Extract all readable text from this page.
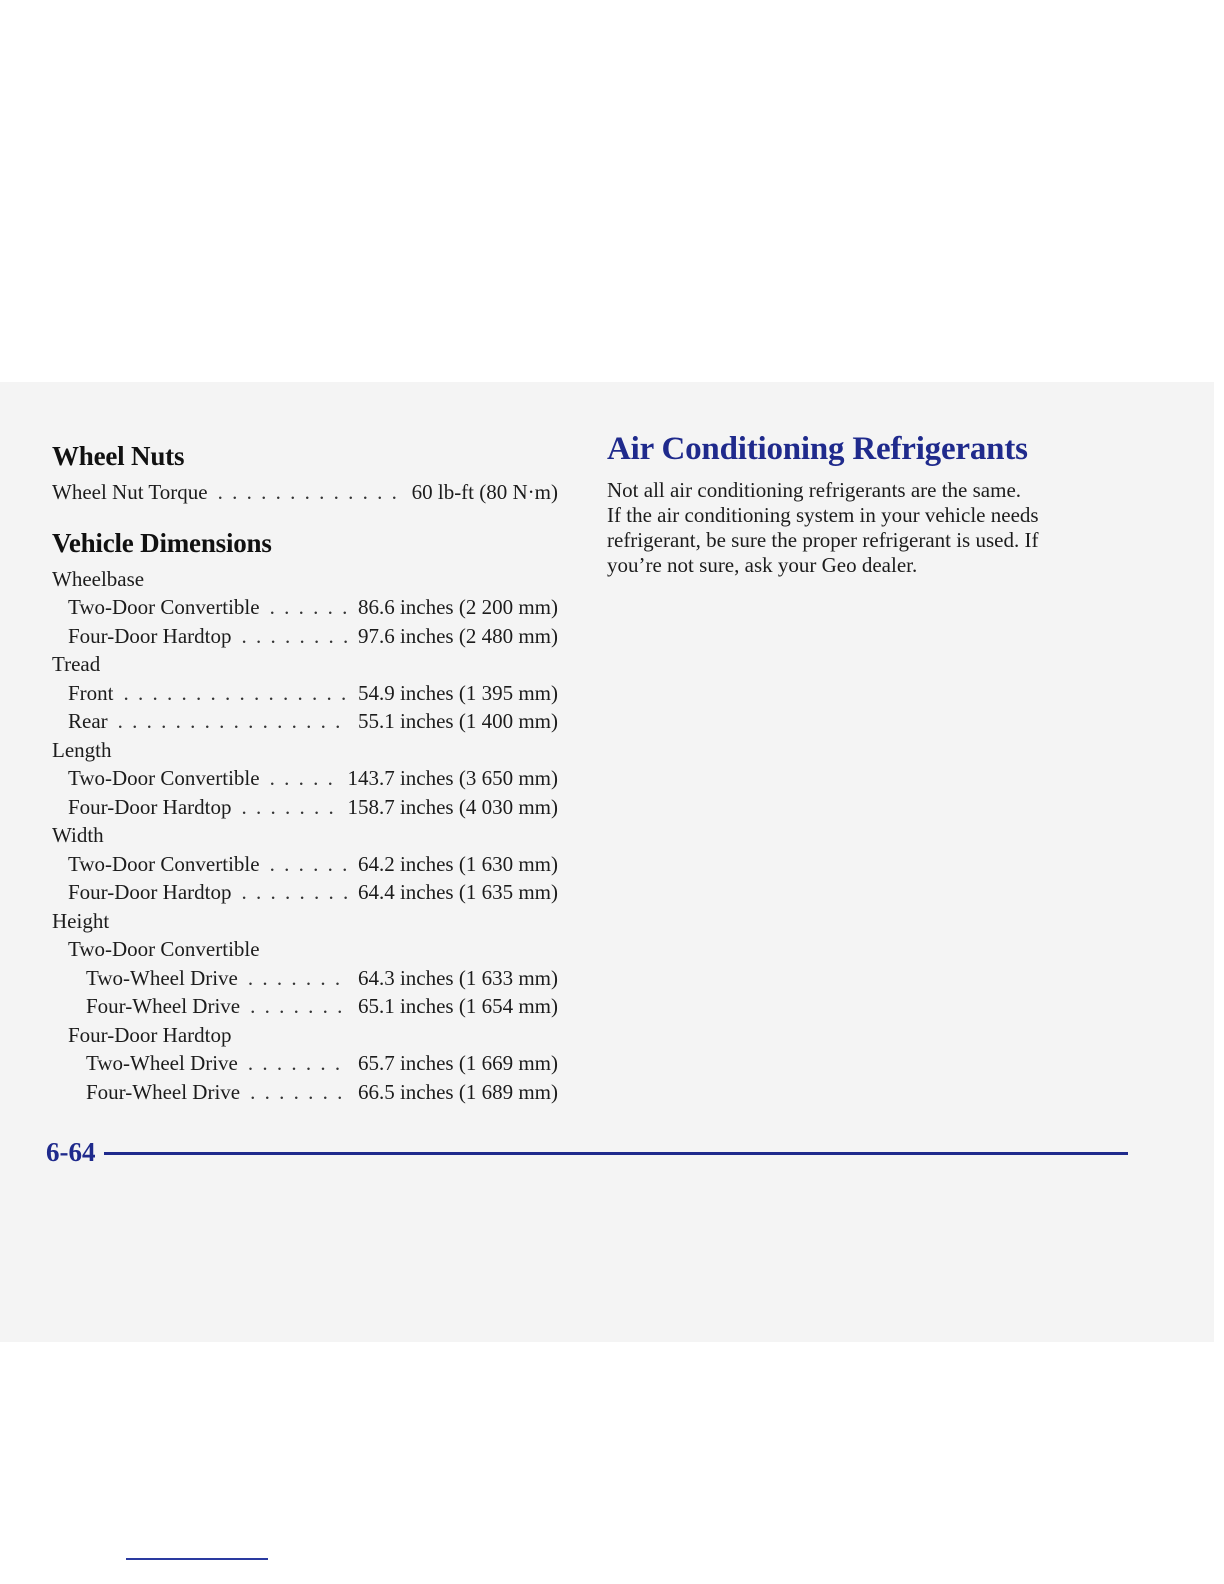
Wheel Nuts
Wheel Nut Torque . . .	60 lb-ft (80 N·m)
Vehicle Dimensions
Wheelbase
Two-Door Convertible . . .	86.6 inches (2 200 mm)
Four-Door Hardtop . . .	97.6 inches (2 480 mm)
Tread
Front . . .	54.9 inches (1 395 mm)
Rear . . .	55.1 inches (1 400 mm)
Length
Two-Door Convertible . . .	143.7 inches (3 650 mm)
Four-Door Hardtop . . .	158.7 inches (4 030 mm)
Width
Two-Door Convertible . . .	64.2 inches (1 630 mm)
Four-Door Hardtop . . .	64.4 inches (1 635 mm)
Height
Two-Door Convertible
Two-Wheel Drive . . .	64.3 inches (1 633 mm)
Four-Wheel Drive . . .	65.1 inches (1 654 mm)
Four-Door Hardtop
Two-Wheel Drive . . .	65.7 inches (1 669 mm)
Four-Wheel Drive . . .	66.5 inches (1 689 mm)
Air Conditioning Refrigerants

Not all air conditioning refrigerants are the same.
If the air conditioning system in your vehicle needs
refrigerant, be sure the proper refrigerant is used. If
you’re not sure, ask your Geo dealer.

6-64
